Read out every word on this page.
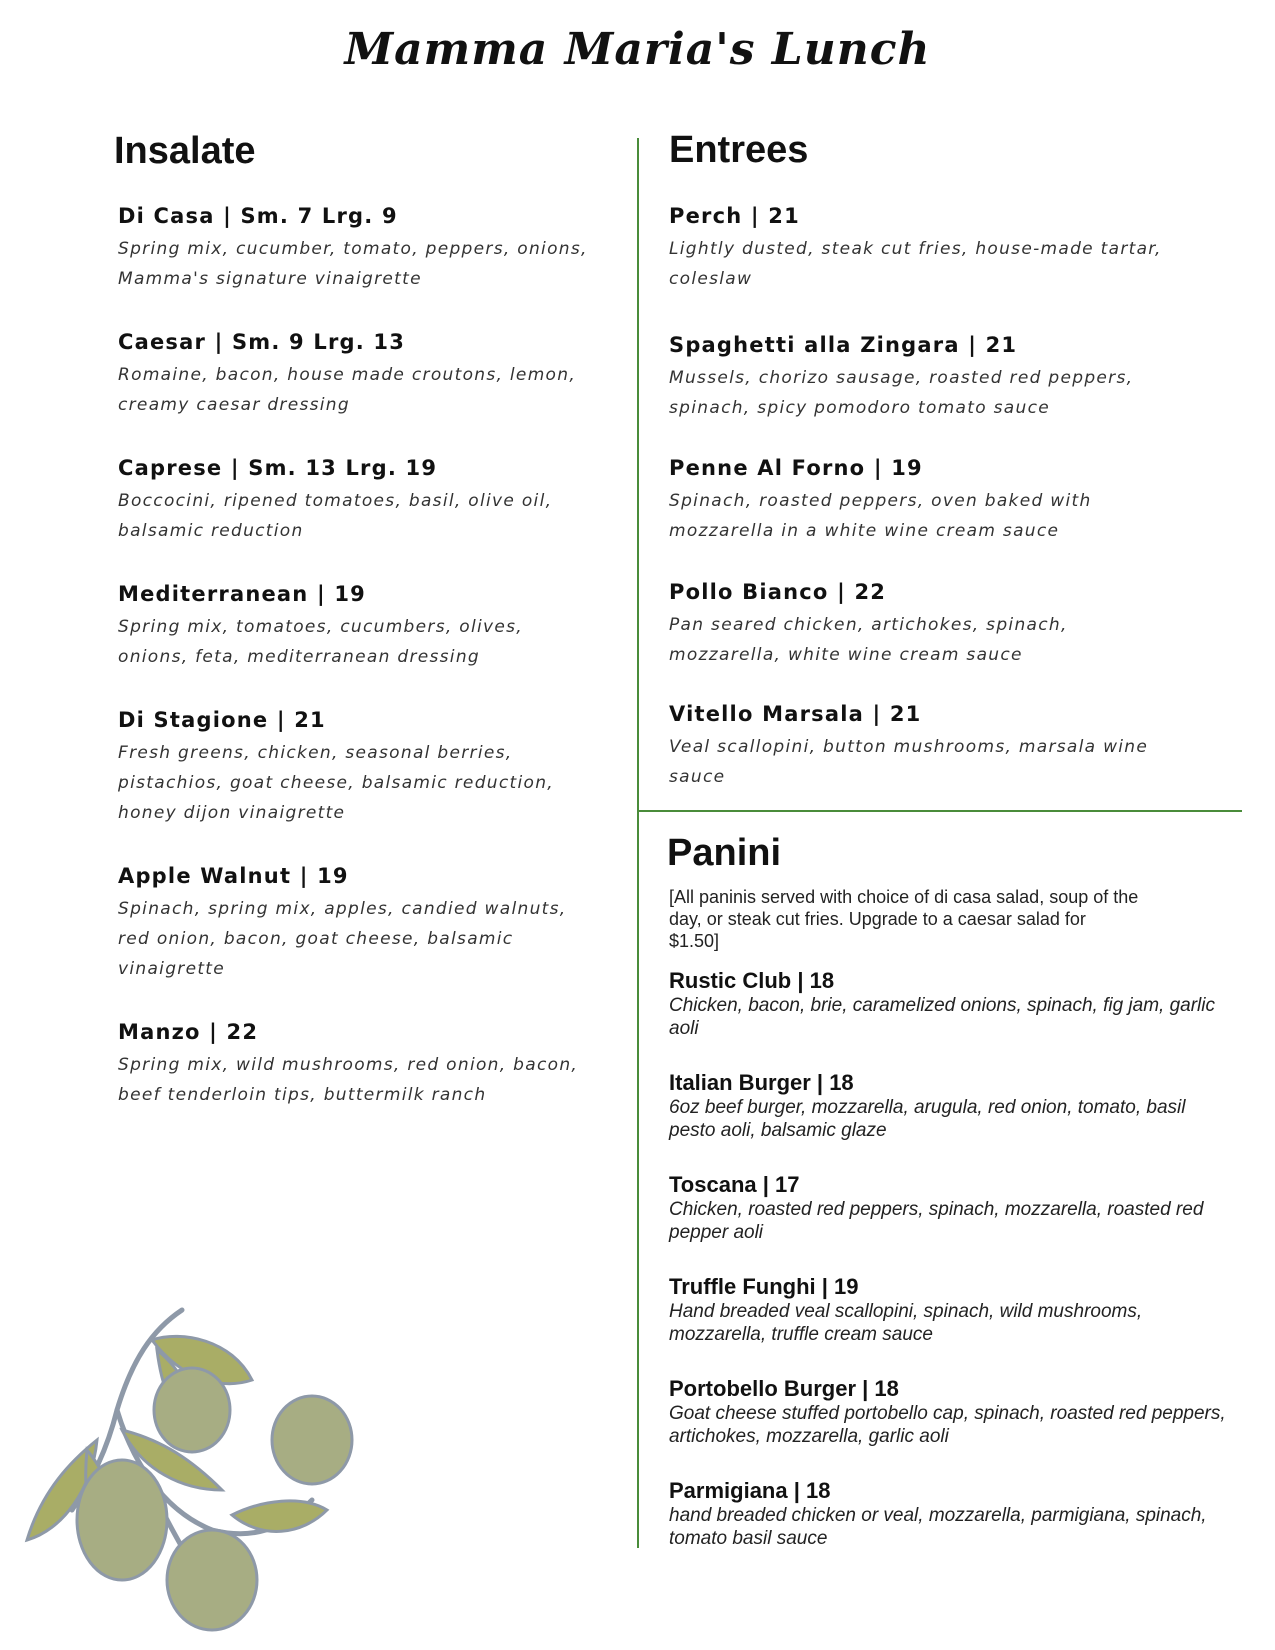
Mamma Maria's Lunch
Insalate

Di Casa | Sm. 7 Lrg. 9

Spring mix, cucumber, tomato, peppers, onions, Mamma's signature vinaigrette

Caesar | Sm. 9 Lrg. 13

Romaine, bacon, house made croutons, lemon, creamy caesar dressing

Caprese | Sm. 13 Lrg. 19

Boccocini, ripened tomatoes, basil, olive oil, balsamic reduction

Mediterranean | 19

Spring mix, tomatoes, cucumbers, olives, onions, feta, mediterranean dressing

Di Stagione | 21

Fresh greens, chicken, seasonal berries, pistachios, goat cheese, balsamic reduction, honey dijon vinaigrette

Apple Walnut | 19

Spinach, spring mix, apples, candied walnuts, red onion, bacon, goat cheese, balsamic vinaigrette

Manzo | 22

Spring mix, wild mushrooms, red onion, bacon, beef tenderloin tips, buttermilk ranch

Entrees

Perch | 21

Lightly dusted, steak cut fries, house-made tartar, coleslaw

Spaghetti alla Zingara | 21

Mussels, chorizo sausage, roasted red peppers, spinach, spicy pomodoro tomato sauce

Penne Al Forno | 19

Spinach, roasted peppers, oven baked with mozzarella in a white wine cream sauce

Pollo Bianco | 22

Pan seared chicken, artichokes, spinach, mozzarella, white wine cream sauce

Vitello Marsala | 21

Veal scallopini, button mushrooms, marsala wine sauce

Panini

[All paninis served with choice of di casa salad, soup of the day, or steak cut fries. Upgrade to a caesar salad for $1.50]

Rustic Club | 18

Chicken, bacon, brie, caramelized onions, spinach, fig jam, garlic aoli

Italian Burger | 18

6oz beef burger, mozzarella, arugula, red onion, tomato, basil pesto aoli, balsamic glaze

Toscana | 17

Chicken, roasted red peppers, spinach, mozzarella, roasted red pepper aoli

Truffle Funghi | 19

Hand breaded veal scallopini, spinach, wild mushrooms, mozzarella, truffle cream sauce

Portobello Burger | 18

Goat cheese stuffed portobello cap, spinach, roasted red peppers, artichokes, mozzarella, garlic aoli

Parmigiana | 18

hand breaded chicken or veal, mozzarella, parmigiana, spinach, tomato basil sauce
